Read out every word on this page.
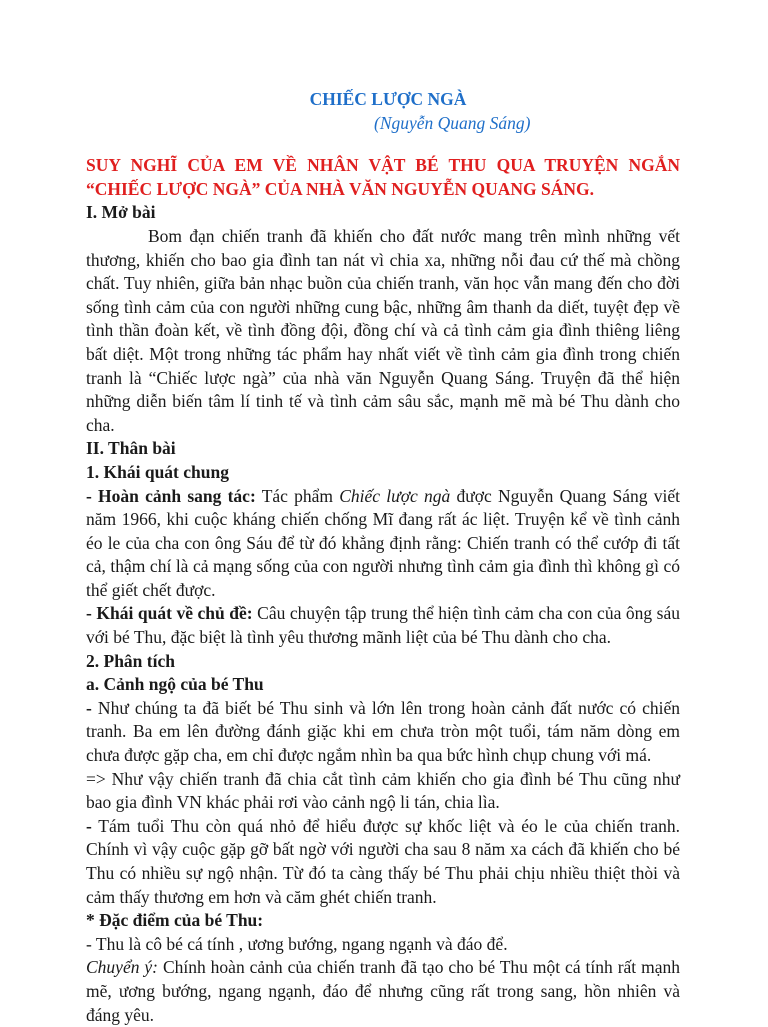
CHIẾC LƯỢC NGÀ

(Nguyễn Quang Sáng)

SUY NGHĨ CỦA EM VỀ NHÂN VẬT BÉ THU QUA TRUYỆN NGẮN “CHIẾC LƯỢC NGÀ” CỦA NHÀ VĂN NGUYỄN QUANG SÁNG.

I. Mở bài

Bom đạn chiến tranh đã khiến cho đất nước mang trên mình những vết thương, khiến cho bao gia đình tan nát vì chia xa, những nỗi đau cứ thế mà chồng chất. Tuy nhiên, giữa bản nhạc buồn của chiến tranh, văn học vẫn mang đến cho đời sống tình cảm của con người những cung bậc, những âm thanh da diết, tuyệt đẹp về tình thần đoàn kết, về tình đồng đội, đồng chí và cả tình cảm gia đình thiêng liêng bất diệt. Một trong những tác phẩm hay nhất viết về tình cảm gia đình trong chiến tranh là “Chiếc lược ngà” của nhà văn Nguyễn Quang Sáng. Truyện đã thể hiện những diễn biến tâm lí tinh tế và tình cảm sâu sắc, mạnh mẽ mà bé Thu dành cho cha.

II. Thân bài

1. Khái quát chung

- Hoàn cảnh sang tác: Tác phẩm Chiếc lược ngà được Nguyễn Quang Sáng viết năm 1966, khi cuộc kháng chiến chống Mĩ đang rất ác liệt. Truyện kể về tình cảnh éo le của cha con ông Sáu để từ đó khẳng định rằng: Chiến tranh có thể cướp đi tất cả, thậm chí là cả mạng sống của con người nhưng tình cảm gia đình thì không gì có thể giết chết được.

- Khái quát về chủ đề: Câu chuyện tập trung thể hiện tình cảm cha con của ông sáu với bé Thu, đặc biệt là tình yêu thương mãnh liệt của bé Thu dành cho cha.

2. Phân tích

a. Cảnh ngộ của bé Thu

- Như chúng ta đã biết bé Thu sinh và lớn lên trong hoàn cảnh đất nước có chiến tranh. Ba em lên đường đánh giặc khi em chưa tròn một tuổi, tám năm dòng em chưa được gặp cha, em chỉ được ngắm nhìn ba qua bức hình chụp chung với má.

=> Như vậy chiến tranh đã chia cắt tình cảm khiến cho gia đình bé Thu cũng như bao gia đình VN khác phải rơi vào cảnh ngộ li tán, chia lìa.

- Tám tuổi Thu còn quá nhỏ để hiểu được sự khốc liệt và éo le của chiến tranh. Chính vì vậy cuộc gặp gỡ bất ngờ với người cha sau 8 năm xa cách đã khiến cho bé Thu có nhiều sự ngộ nhận. Từ đó ta càng thấy bé Thu phải chịu nhiều thiệt thòi và cảm thấy thương em hơn và căm ghét chiến tranh.

* Đặc điểm của bé Thu:

- Thu là cô bé cá tính , ương bướng, ngang ngạnh và đáo để.

Chuyển ý: Chính hoàn cảnh của chiến tranh đã tạo cho bé Thu một cá tính rất mạnh mẽ, ương bướng, ngang ngạnh, đáo để nhưng cũng rất trong sang, hồn nhiên và đáng yêu.
